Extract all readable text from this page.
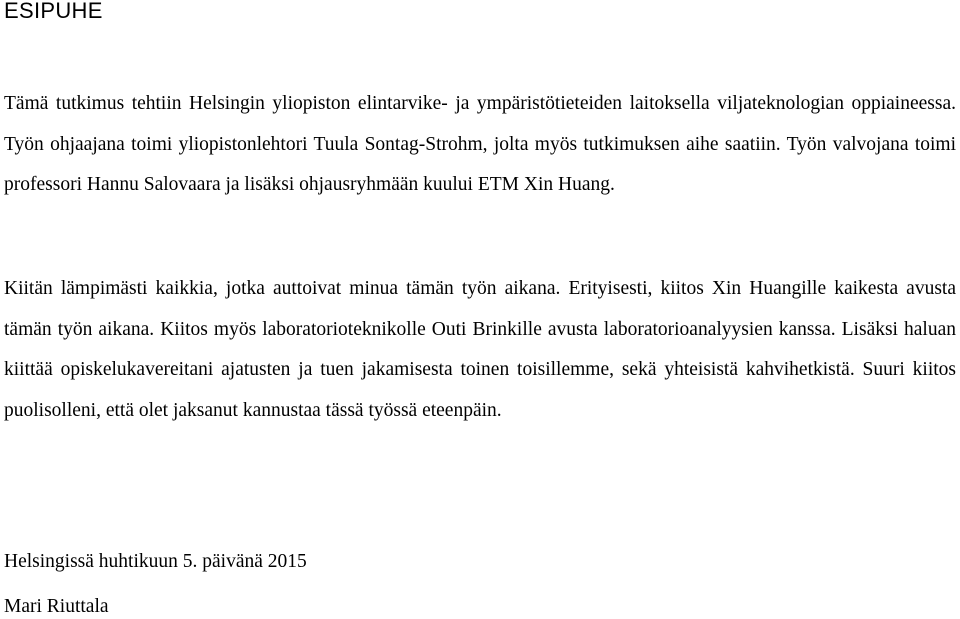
ESIPUHE

Tämä tutkimus tehtiin Helsingin yliopiston elintarvike- ja ympäristötieteiden laitoksella viljateknologian oppiaineessa. Työn ohjaajana toimi yliopistonlehtori Tuula Sontag-Strohm, jolta myös tutkimuksen aihe saatiin. Työn valvojana toimi professori Hannu Salovaara ja lisäksi ohjausryhmään kuului ETM Xin Huang.

Kiitän lämpimästi kaikkia, jotka auttoivat minua tämän työn aikana. Erityisesti, kiitos Xin Huangille kaikesta avusta tämän työn aikana. Kiitos myös laboratorioteknikolle Outi Brinkille avusta laboratorioanalyysien kanssa. Lisäksi haluan kiittää opiskelukavereitani ajatusten ja tuen jakamisesta toinen toisillemme, sekä yhteisistä kahvihetkistä. Suuri kiitos puolisolleni, että olet jaksanut kannustaa tässä työssä eteenpäin.

Helsingissä huhtikuun 5. päivänä 2015

Mari Riuttala
